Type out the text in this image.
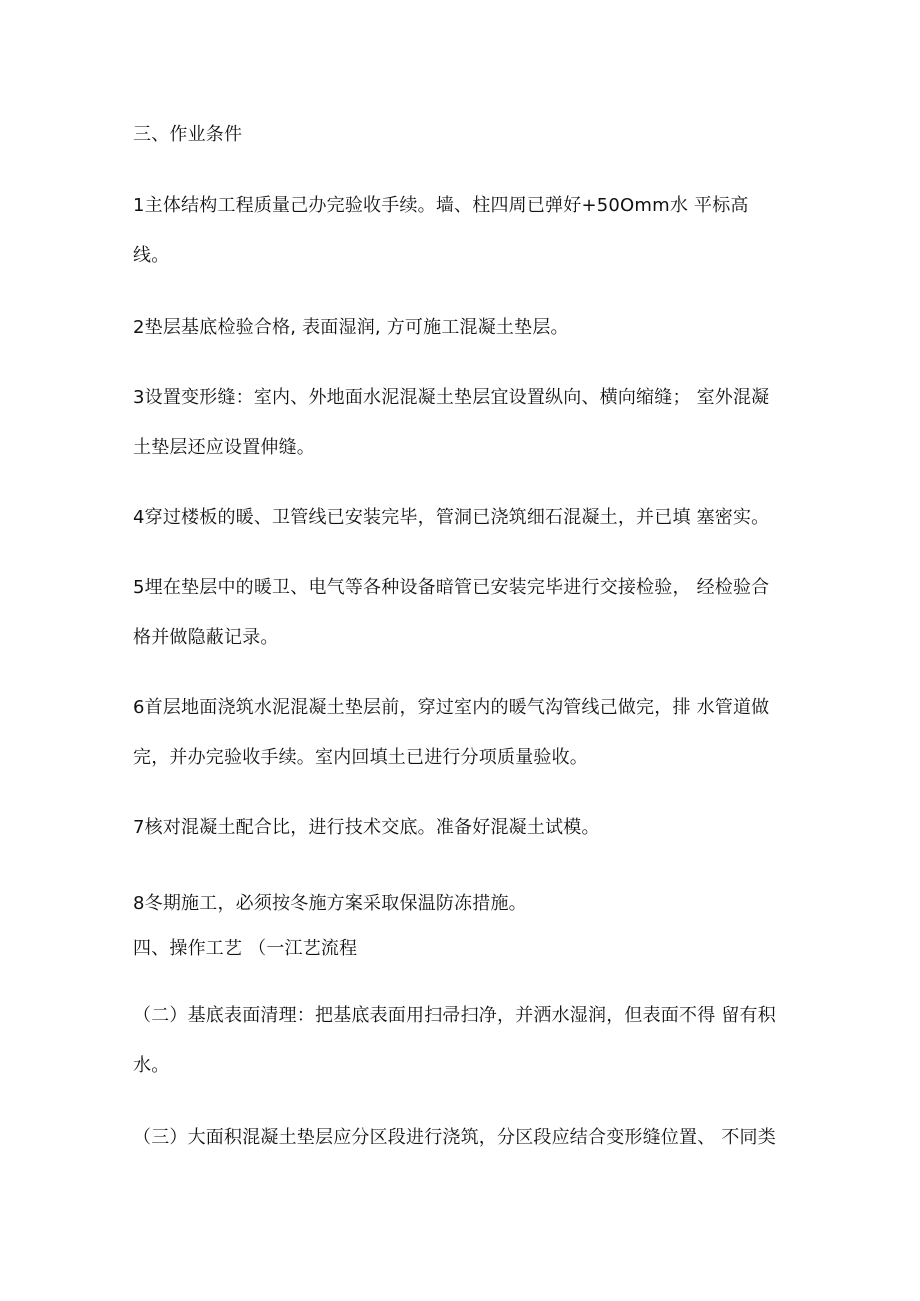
三、作业条件
1主体结构工程质量己办完验收手续。墙、柱四周已弹好+50Omm水 平标高
线。
2垫层基底检验合格, 表面湿润, 方可施工混凝土垫层。
3设置变形缝：室内、外地面水泥混凝土垫层宜设置纵向、横向缩缝； 室外混凝
土垫层还应设置伸缝。
4穿过楼板的暖、卫管线已安装完毕，管洞已浇筑细石混凝土，并已填 塞密实。
5埋在垫层中的暖卫、电气等各种设备暗管已安装完毕进行交接检验， 经检验合
格并做隐蔽记录。
6首层地面浇筑水泥混凝土垫层前，穿过室内的暖气沟管线己做完，排 水管道做
完，并办完验收手续。室内回填土已进行分项质量验收。
7核对混凝土配合比，进行技术交底。准备好混凝土试模。
8冬期施工，必须按冬施方案采取保温防冻措施。
四、操作工艺 （一江艺流程
（二）基底表面清理：把基底表面用扫帚扫净，并洒水湿润，但表面不得 留有积
水。
（三）大面积混凝土垫层应分区段进行浇筑，分区段应结合变形缝位置、 不同类
